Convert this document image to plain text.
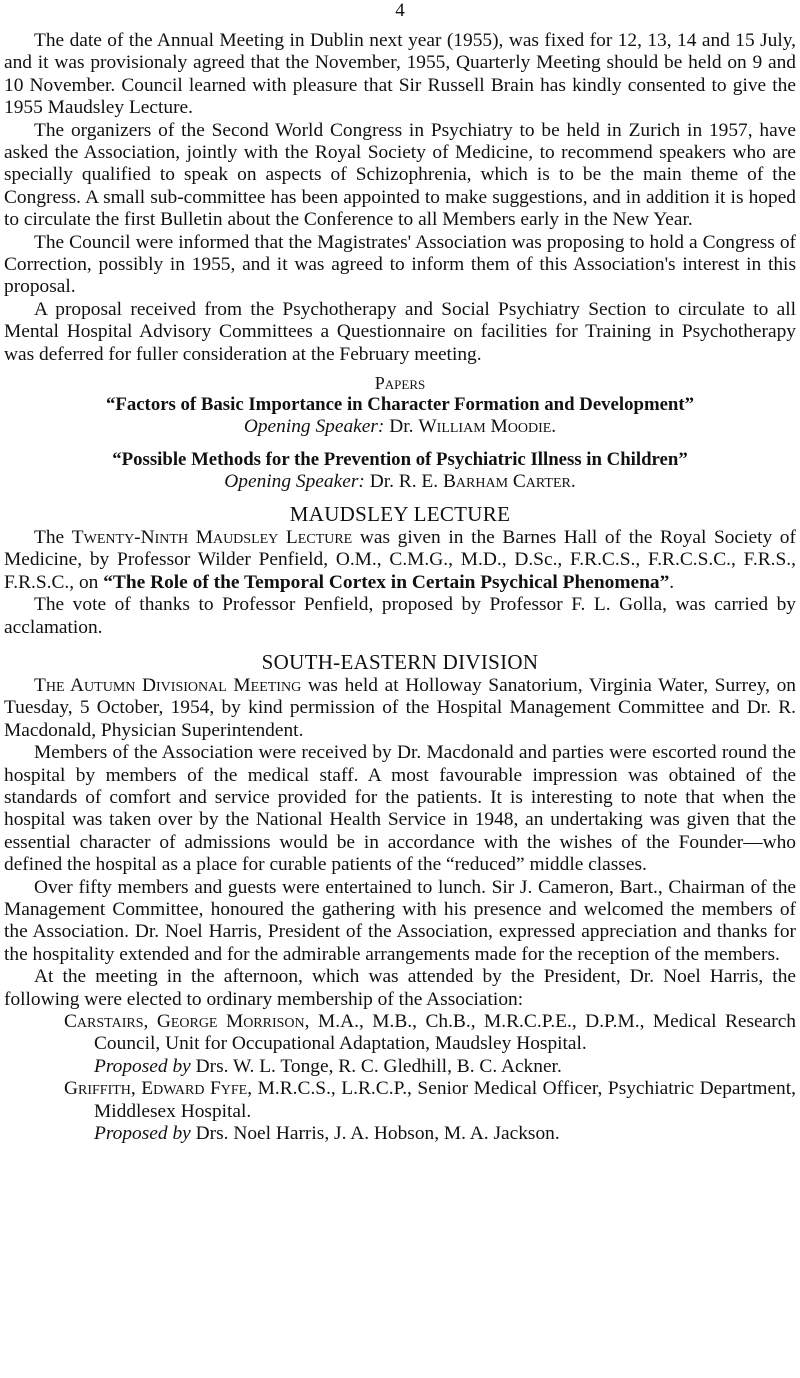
4

The date of the Annual Meeting in Dublin next year (1955), was fixed for 12, 13, 14 and 15 July, and it was provisionaly agreed that the November, 1955, Quarterly Meeting should be held on 9 and 10 November. Council learned with pleasure that Sir Russell Brain has kindly consented to give the 1955 Maudsley Lecture.

The organizers of the Second World Congress in Psychiatry to be held in Zurich in 1957, have asked the Association, jointly with the Royal Society of Medicine, to recommend speakers who are specially qualified to speak on aspects of Schizophrenia, which is to be the main theme of the Congress. A small sub-committee has been appointed to make suggestions, and in addition it is hoped to circulate the first Bulletin about the Conference to all Members early in the New Year.

The Council were informed that the Magistrates' Association was proposing to hold a Congress of Correction, possibly in 1955, and it was agreed to inform them of this Association's interest in this proposal.

A proposal received from the Psychotherapy and Social Psychiatry Section to circulate to all Mental Hospital Advisory Committees a Questionnaire on facilities for Training in Psychotherapy was deferred for fuller consideration at the February meeting.

Papers
“Factors of Basic Importance in Character Formation and Development”
Opening Speaker: Dr. William Moodie.
“Possible Methods for the Prevention of Psychiatric Illness in Children”
Opening Speaker: Dr. R. E. Barham Carter.
MAUDSLEY LECTURE

The Twenty-Ninth Maudsley Lecture was given in the Barnes Hall of the Royal Society of Medicine, by Professor Wilder Penfield, O.M., C.M.G., M.D., D.Sc., F.R.C.S., F.R.C.S.C., F.R.S., F.R.S.C., on “The Role of the Temporal Cortex in Certain Psychical Phenomena”.

The vote of thanks to Professor Penfield, proposed by Professor F. L. Golla, was carried by acclamation.

SOUTH-EASTERN DIVISION

The Autumn Divisional Meeting was held at Holloway Sanatorium, Virginia Water, Surrey, on Tuesday, 5 October, 1954, by kind permission of the Hospital Management Committee and Dr. R. Macdonald, Physician Superintendent.

Members of the Association were received by Dr. Macdonald and parties were escorted round the hospital by members of the medical staff. A most favourable impression was obtained of the standards of comfort and service provided for the patients. It is interesting to note that when the hospital was taken over by the National Health Service in 1948, an undertaking was given that the essential character of admissions would be in accordance with the wishes of the Founder—who defined the hospital as a place for curable patients of the “reduced” middle classes.

Over fifty members and guests were entertained to lunch. Sir J. Cameron, Bart., Chairman of the Management Committee, honoured the gathering with his presence and welcomed the members of the Association. Dr. Noel Harris, President of the Association, expressed appreciation and thanks for the hospitality extended and for the admirable arrangements made for the reception of the members.

At the meeting in the afternoon, which was attended by the President, Dr. Noel Harris, the following were elected to ordinary membership of the Association:

Carstairs, George Morrison, M.A., M.B., Ch.B., M.R.C.P.E., D.P.M., Medical Research Council, Unit for Occupational Adaptation, Maudsley Hospital.
Proposed by Drs. W. L. Tonge, R. C. Gledhill, B. C. Ackner.
Griffith, Edward Fyfe, M.R.C.S., L.R.C.P., Senior Medical Officer, Psychiatric Department, Middlesex Hospital.
Proposed by Drs. Noel Harris, J. A. Hobson, M. A. Jackson.
